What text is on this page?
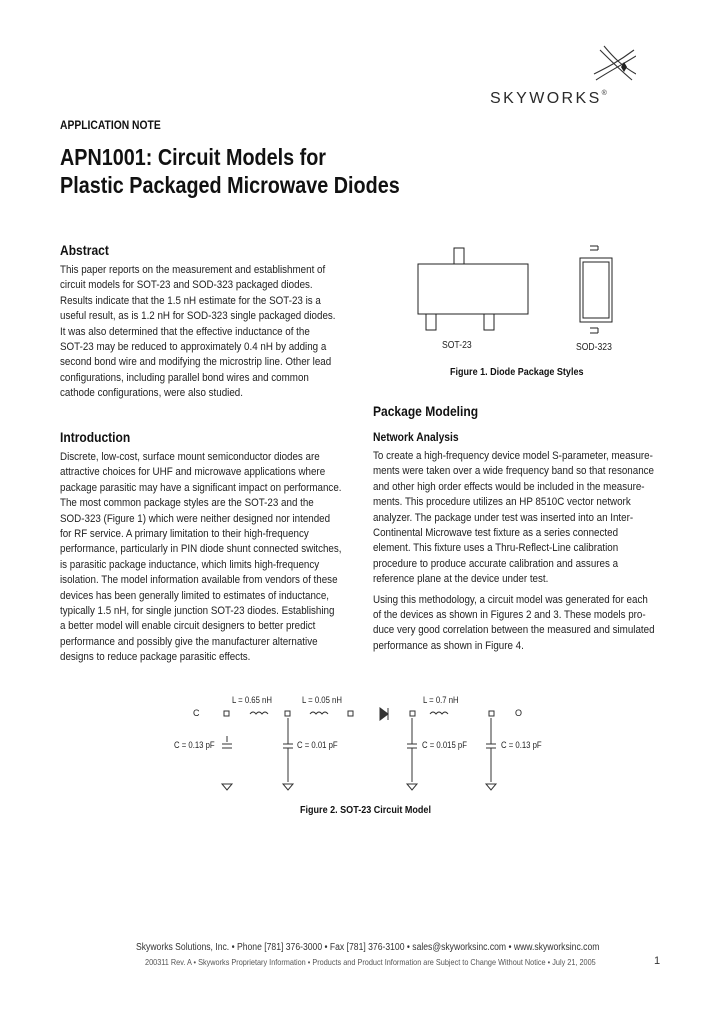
SKYWORKS®
APPLICATION NOTE
APN1001: Circuit Models for
Plastic Packaged Microwave Diodes
Abstract
This paper reports on the measurement and establishment of
circuit models for SOT-23 and SOD-323 packaged diodes.
Results indicate that the 1.5 nH estimate for the SOT-23 is a
useful result, as is 1.2 nH for SOD-323 single packaged diodes.
It was also determined that the effective inductance of the
SOT-23 may be reduced to approximately 0.4 nH by adding a
second bond wire and modifying the microstrip line. Other lead
configurations, including parallel bond wires and common
cathode configurations, were also studied.
Introduction
Discrete, low-cost, surface mount semiconductor diodes are
attractive choices for UHF and microwave applications where
package parasitic may have a significant impact on performance.
The most common package styles are the SOT-23 and the
SOD-323 (Figure 1) which were neither designed nor intended
for RF service. A primary limitation to their high-frequency
performance, particularly in PIN diode shunt connected switches,
is parasitic package inductance, which limits high-frequency
isolation. The model information available from vendors of these
devices has been generally limited to estimates of inductance,
typically 1.5 nH, for single junction SOT-23 diodes. Establishing
a better model will enable circuit designers to better predict
performance and possibly give the manufacturer alternative
designs to reduce package parasitic effects.
SOT-23	SOD-323
Figure 1. Diode Package Styles
Package Modeling
Network Analysis
To create a high-frequency device model S-parameter, measure-
ments were taken over a wide frequency band so that resonance
and other high order effects would be included in the measure-
ments. This procedure utilizes an HP 8510C vector network
analyzer. The package under test was inserted into an Inter-
Continental Microwave test fixture as a series connected
element. This fixture uses a Thru-Reflect-Line calibration
procedure to produce accurate calibration and assures a
reference plane at the device under test.
Using this methodology, a circuit model was generated for each
of the devices as shown in Figures 2 and 3. These models pro-
duce very good correlation between the measured and simulated
performance as shown in Figure 4.
C	O
L = 0.65 nH	L = 0.05 nH	L = 0.7 nH
C = 0.13 pF	C = 0.01 pF	C = 0.015 pF	C = 0.13 pF
Figure 2. SOT-23 Circuit Model
Skyworks Solutions, Inc. • Phone [781] 376-3000 • Fax [781] 376-3100 • sales@skyworksinc.com • www.skyworksinc.com
200311 Rev. A • Skyworks Proprietary Information • Products and Product Information are Subject to Change Without Notice • July 21, 2005	1
